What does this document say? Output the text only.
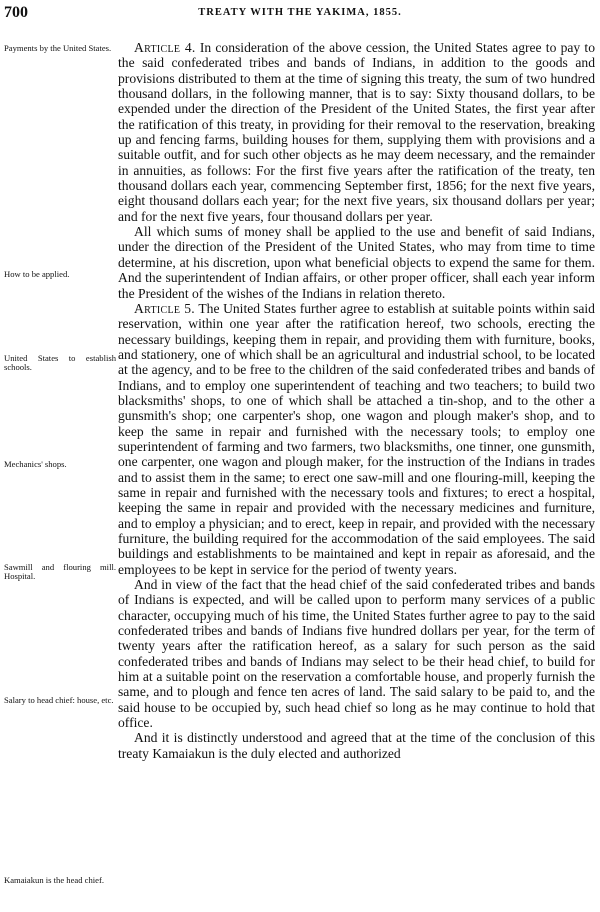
700	TREATY WITH THE YAKIMA, 1855.
Payments by the United States.
How to be applied.
United States to establish schools.
Mechanics' shops.
Sawmill and flouring mill. Hospital.
Salary to head chief: house, etc.
Kamaiakun is the head chief.

Article 4. In consideration of the above cession, the United States agree to pay to the said confederated tribes and bands of Indians, in addition to the goods and provisions distributed to them at the time of signing this treaty, the sum of two hundred thousand dollars, in the following manner, that is to say: Sixty thousand dollars, to be expended under the direction of the President of the United States, the first year after the ratification of this treaty, in providing for their removal to the reservation, breaking up and fencing farms, building houses for them, supplying them with provisions and a suitable outfit, and for such other objects as he may deem necessary, and the remainder in annuities, as follows: For the first five years after the ratification of the treaty, ten thousand dollars each year, commencing September first, 1856; for the next five years, eight thousand dollars each year; for the next five years, six thousand dollars per year; and for the next five years, four thousand dollars per year.

All which sums of money shall be applied to the use and benefit of said Indians, under the direction of the President of the United States, who may from time to time determine, at his discretion, upon what beneficial objects to expend the same for them. And the superintendent of Indian affairs, or other proper officer, shall each year inform the President of the wishes of the Indians in relation thereto.

Article 5. The United States further agree to establish at suitable points within said reservation, within one year after the ratification hereof, two schools, erecting the necessary buildings, keeping them in repair, and providing them with furniture, books, and stationery, one of which shall be an agricultural and industrial school, to be located at the agency, and to be free to the children of the said confederated tribes and bands of Indians, and to employ one superintendent of teaching and two teachers; to build two blacksmiths' shops, to one of which shall be attached a tin-shop, and to the other a gunsmith's shop; one carpenter's shop, one wagon and plough maker's shop, and to keep the same in repair and furnished with the necessary tools; to employ one superintendent of farming and two farmers, two blacksmiths, one tinner, one gunsmith, one carpenter, one wagon and plough maker, for the instruction of the Indians in trades and to assist them in the same; to erect one saw-mill and one flouring-mill, keeping the same in repair and furnished with the necessary tools and fixtures; to erect a hospital, keeping the same in repair and provided with the necessary medicines and furniture, and to employ a physician; and to erect, keep in repair, and provided with the necessary furniture, the building required for the accommodation of the said employees. The said buildings and establishments to be maintained and kept in repair as aforesaid, and the employees to be kept in service for the period of twenty years.

And in view of the fact that the head chief of the said confederated tribes and bands of Indians is expected, and will be called upon to perform many services of a public character, occupying much of his time, the United States further agree to pay to the said confederated tribes and bands of Indians five hundred dollars per year, for the term of twenty years after the ratification hereof, as a salary for such person as the said confederated tribes and bands of Indians may select to be their head chief, to build for him at a suitable point on the reservation a comfortable house, and properly furnish the same, and to plough and fence ten acres of land. The said salary to be paid to, and the said house to be occupied by, such head chief so long as he may continue to hold that office.

And it is distinctly understood and agreed that at the time of the conclusion of this treaty Kamaiakun is the duly elected and authorized
